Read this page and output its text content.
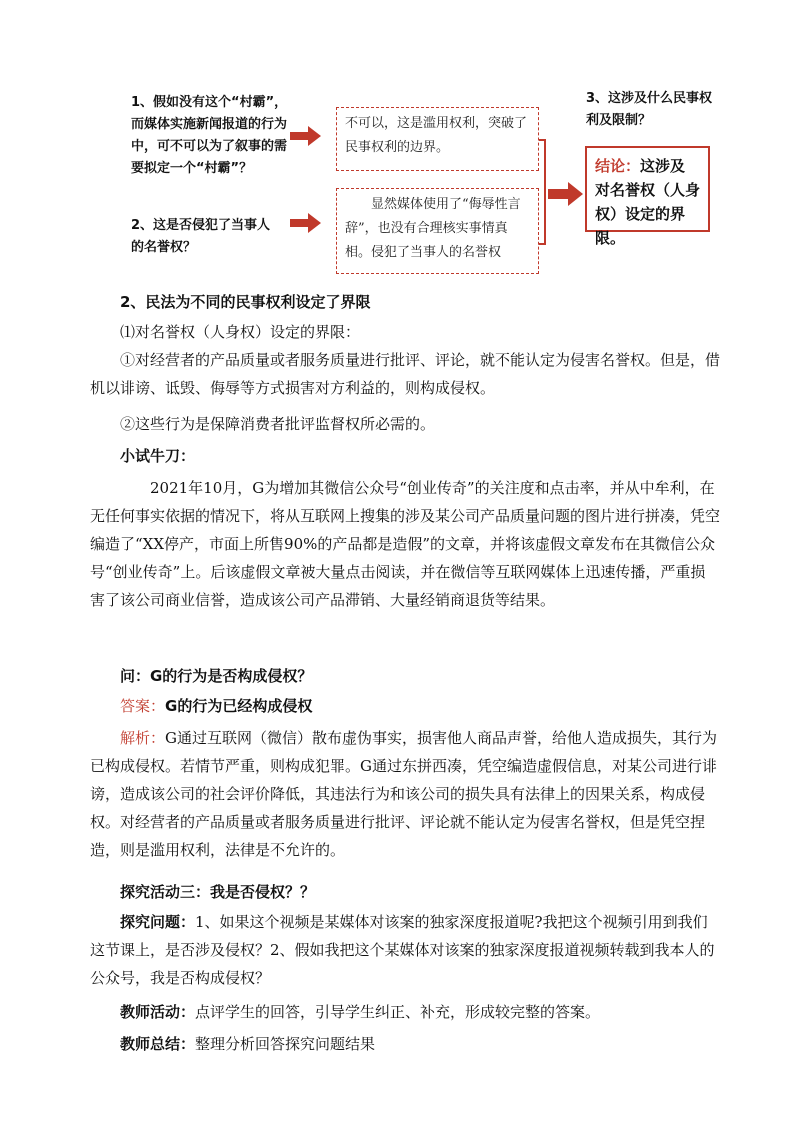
1、假如没有这个“村霸”，而媒体实施新闻报道的行为中，可不可以为了叙事的需要拟定一个“村霸”？
2、这是否侵犯了当事人的名誉权？
不可以，这是滥用权利，突破了民事权利的边界。
显然媒体使用了“侮辱性言辞”，也没有合理核实事情真相。侵犯了当事人的名誉权
3、这涉及什么民事权利及限制？
结论：这涉及对名誉权（人身权）设定的界限。
2、民法为不同的民事权利设定了界限
⑴对名誉权（人身权）设定的界限：
①对经营者的产品质量或者服务质量进行批评、评论，就不能认定为侵害名誉权。但是，借机以诽谤、诋毁、侮辱等方式损害对方利益的，则构成侵权。
②这些行为是保障消费者批评监督权所必需的。
小试牛刀：
2021年10月，G为增加其微信公众号“创业传奇”的关注度和点击率，并从中牟利，在无任何事实依据的情况下，将从互联网上搜集的涉及某公司产品质量问题的图片进行拼凑，凭空编造了“XX停产，市面上所售90%的产品都是造假”的文章，并将该虚假文章发布在其微信公众号“创业传奇”上。后该虚假文章被大量点击阅读，并在微信等互联网媒体上迅速传播，严重损害了该公司商业信誉，造成该公司产品滞销、大量经销商退货等结果。
问：G的行为是否构成侵权？
答案：G的行为已经构成侵权
解析：G通过互联网（微信）散布虚伪事实，损害他人商品声誉，给他人造成损失，其行为已构成侵权。若情节严重，则构成犯罪。G通过东拼西凑，凭空编造虚假信息，对某公司进行诽谤，造成该公司的社会评价降低，其违法行为和该公司的损失具有法律上的因果关系，构成侵权。对经营者的产品质量或者服务质量进行批评、评论就不能认定为侵害名誉权，但是凭空捏造，则是滥用权利，法律是不允许的。
探究活动三：我是否侵权？？
探究问题：1、如果这个视频是某媒体对该案的独家深度报道呢?我把这个视频引用到我们这节课上，是否涉及侵权？2、假如我把这个某媒体对该案的独家深度报道视频转载到我本人的公众号，我是否构成侵权？
教师活动：点评学生的回答，引导学生纠正、补充，形成较完整的答案。
教师总结：整理分析回答探究问题结果
